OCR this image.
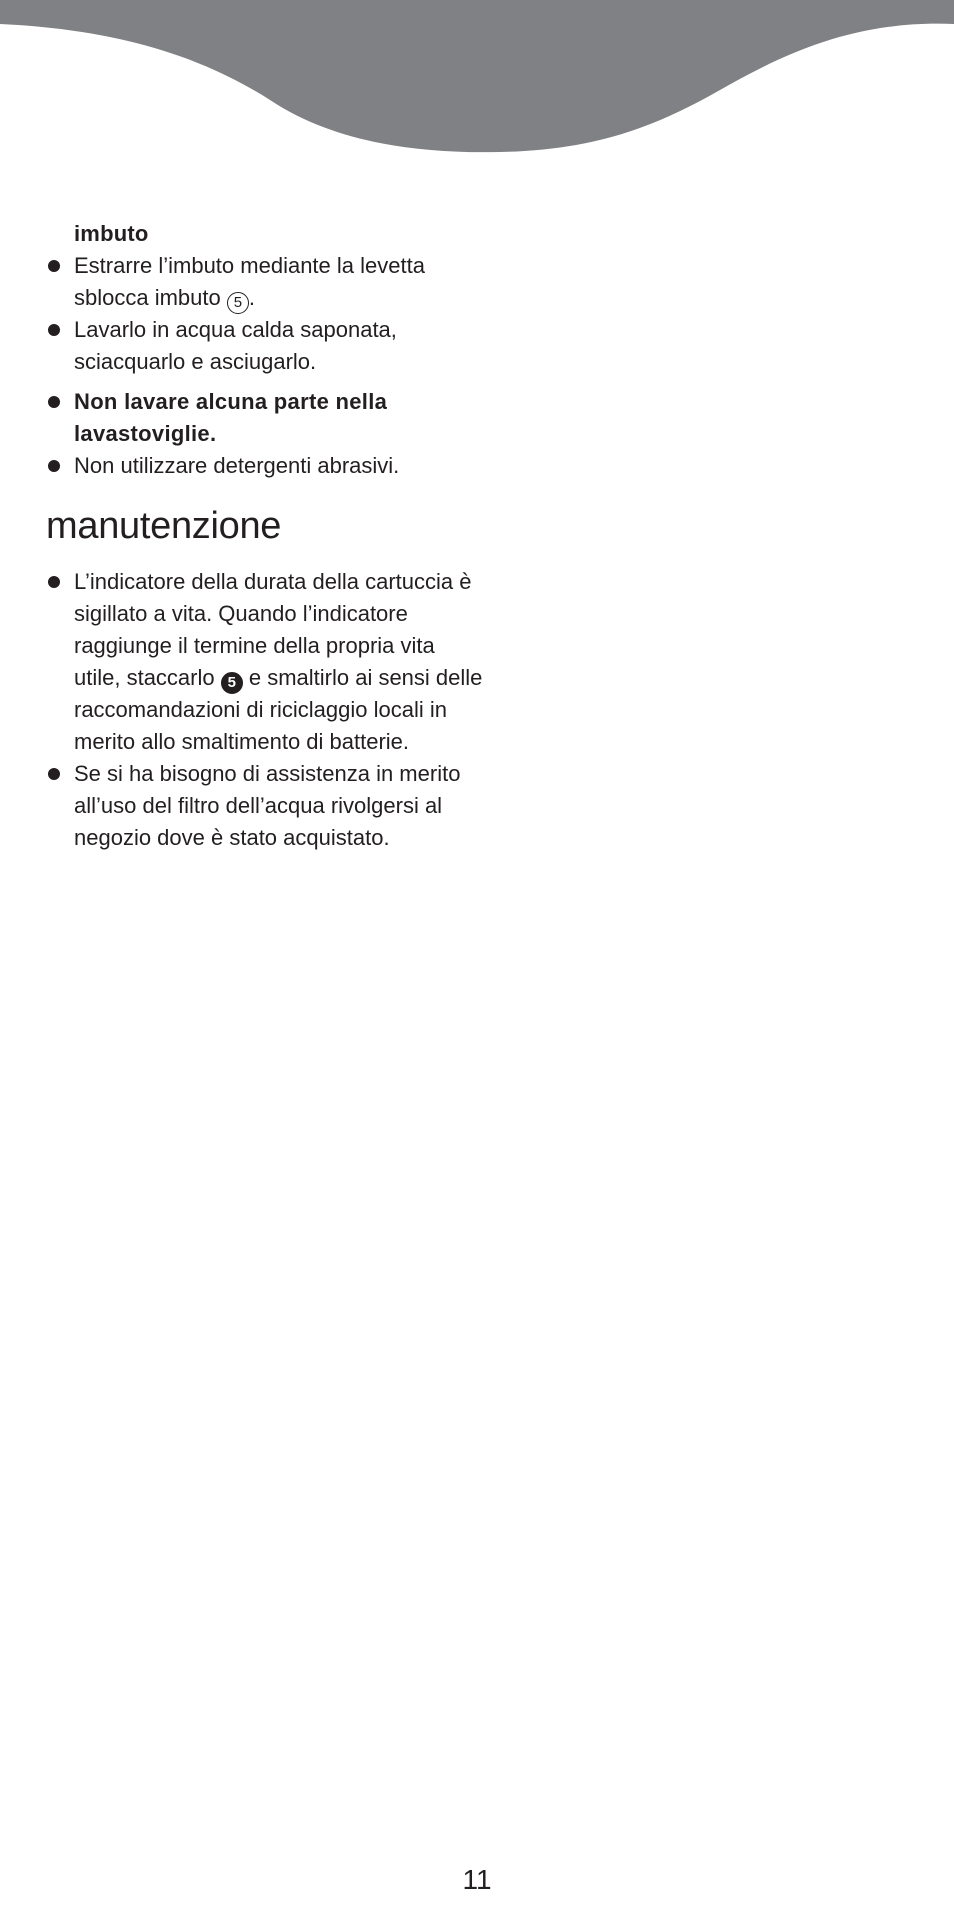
imbuto
Estrarre l’imbuto mediante la levetta sblocca imbuto 5 .
Lavarlo in acqua calda saponata, sciacquarlo e asciugarlo.
Non lavare alcuna parte nella lavastoviglie.
Non utilizzare detergenti abrasivi.
manutenzione
L’indicatore della durata della cartuccia è sigillato a vita. Quando l’indicatore raggiunge il termine della propria vita utile, staccarlo 5 e smaltirlo ai sensi delle raccomandazioni di riciclaggio locali in merito allo smaltimento di batterie.
Se si ha bisogno di assistenza in merito all’uso del filtro dell’acqua rivolgersi al negozio dove è stato acquistato.
11
